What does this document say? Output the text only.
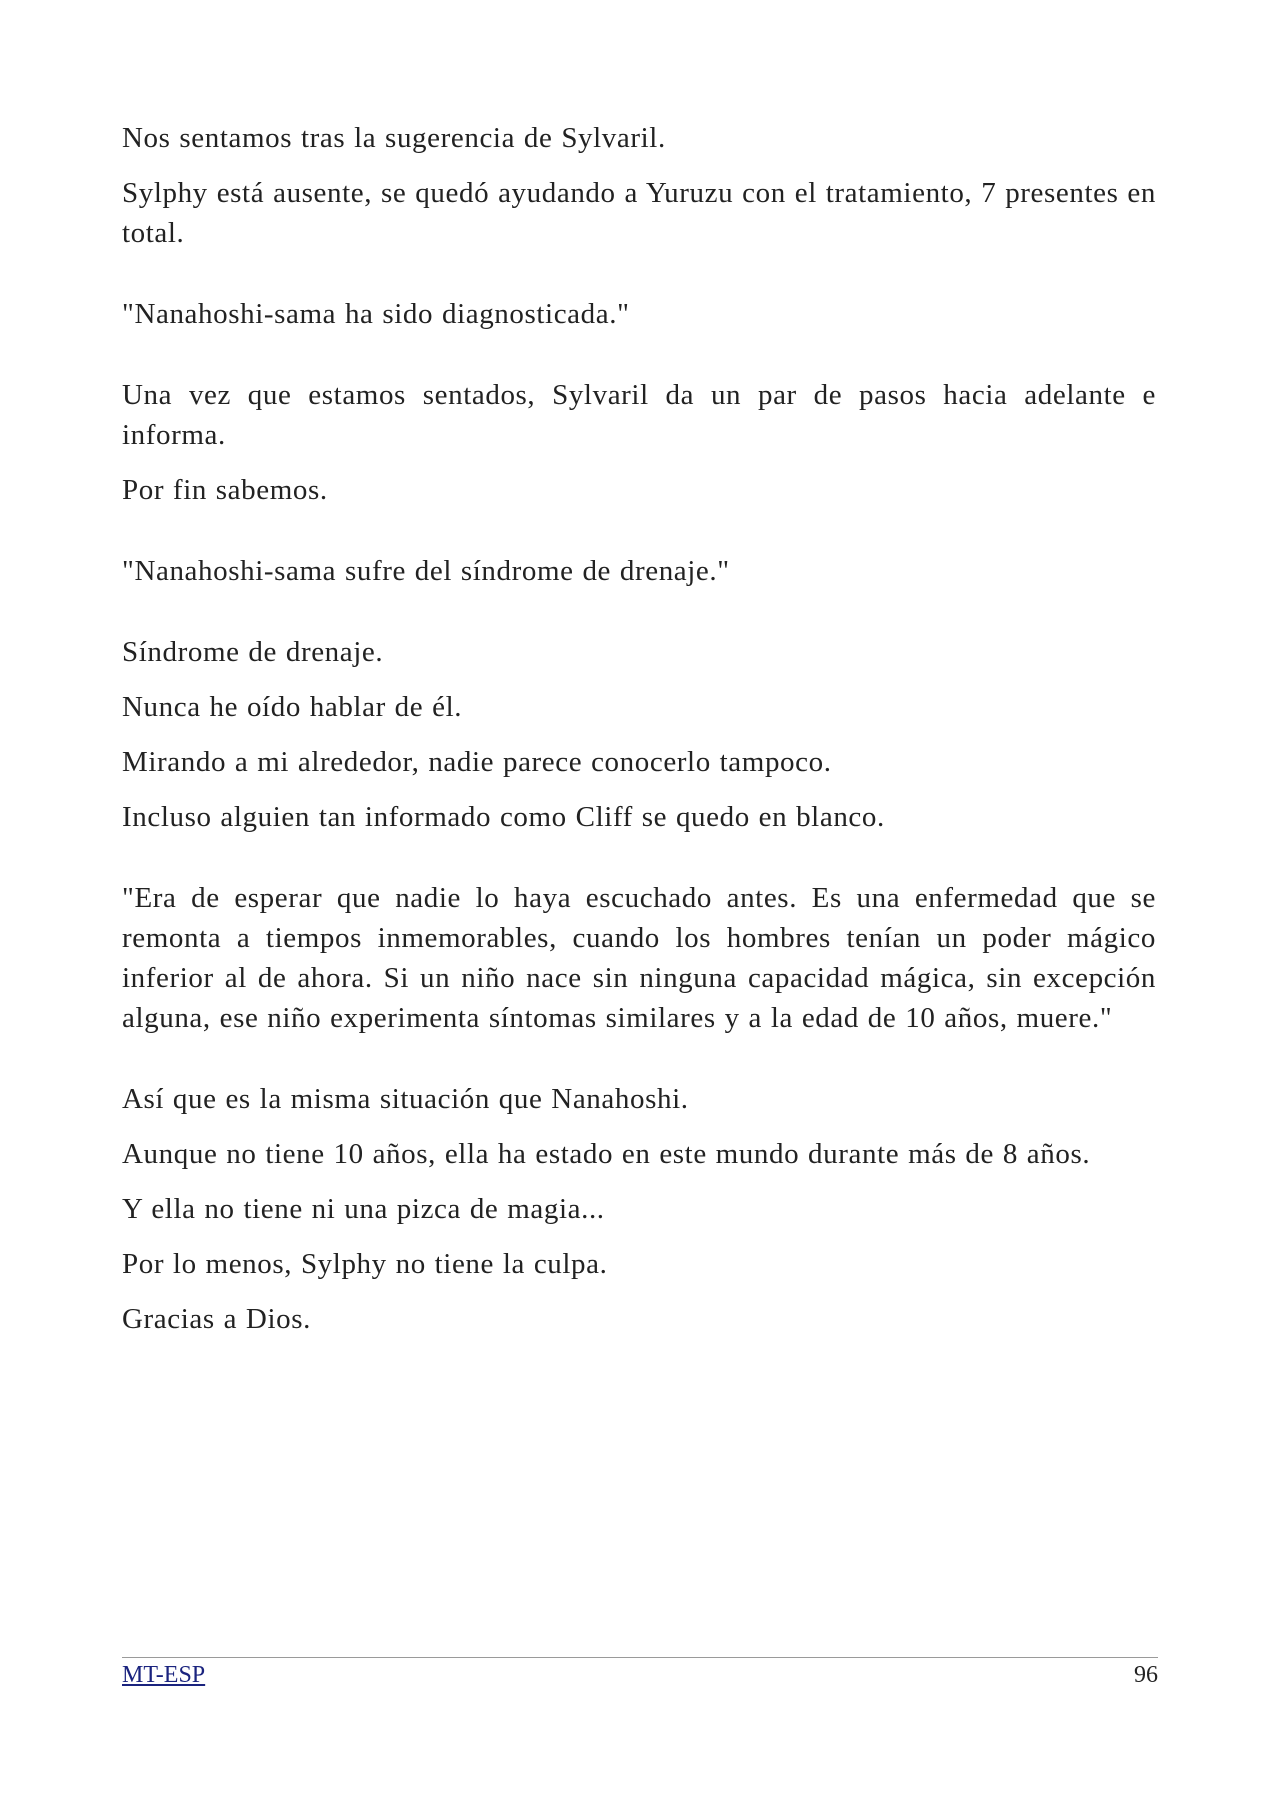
Nos sentamos tras la sugerencia de Sylvaril.

Sylphy está ausente, se quedó ayudando a Yuruzu con el tratamiento, 7 presentes en total.

"Nanahoshi-sama ha sido diagnosticada."

Una vez que estamos sentados, Sylvaril da un par de pasos hacia adelante e informa.

Por fin sabemos.

"Nanahoshi-sama sufre del síndrome de drenaje."

Síndrome de drenaje.

Nunca he oído hablar de él.

Mirando a mi alrededor, nadie parece conocerlo tampoco.

Incluso alguien tan informado como Cliff se quedo en blanco.

"Era de esperar que nadie lo haya escuchado antes. Es una enfermedad que se remonta a tiempos inmemorables, cuando los hombres tenían un poder mágico inferior al de ahora. Si un niño nace sin ninguna capacidad mágica, sin excepción alguna, ese niño experimenta síntomas similares y a la edad de 10 años, muere."

Así que es la misma situación que Nanahoshi.

Aunque no tiene 10 años, ella ha estado en este mundo durante más de 8 años.

Y ella no tiene ni una pizca de magia...

Por lo menos, Sylphy no tiene la culpa.

Gracias a Dios.

MT-ESP	96
